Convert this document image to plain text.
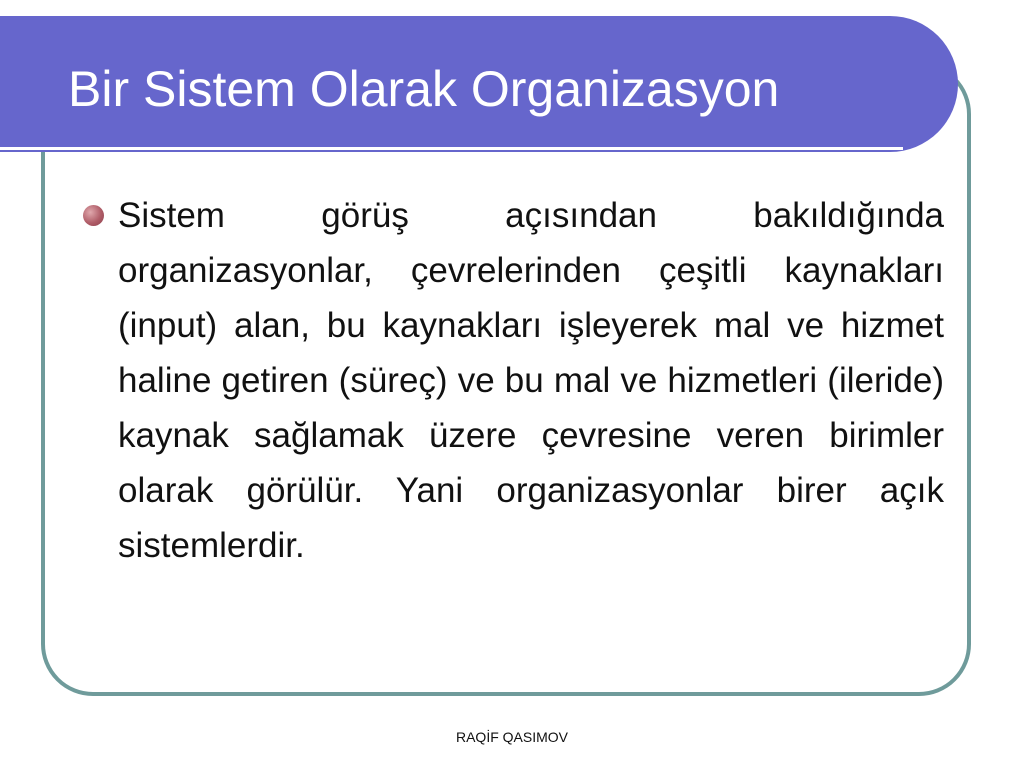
Bir Sistem Olarak Organizasyon

Sistem görüş açısından bakıldığında organizasyonlar, çevrelerinden çeşitli kaynakları (input) alan, bu kaynakları işleyerek mal ve hizmet haline getiren (süreç) ve bu mal ve hizmetleri (ileride) kaynak sağlamak üzere çevresine veren birimler olarak görülür. Yani organizasyonlar birer açık sistemlerdir.

RAQİF QASIMOV
